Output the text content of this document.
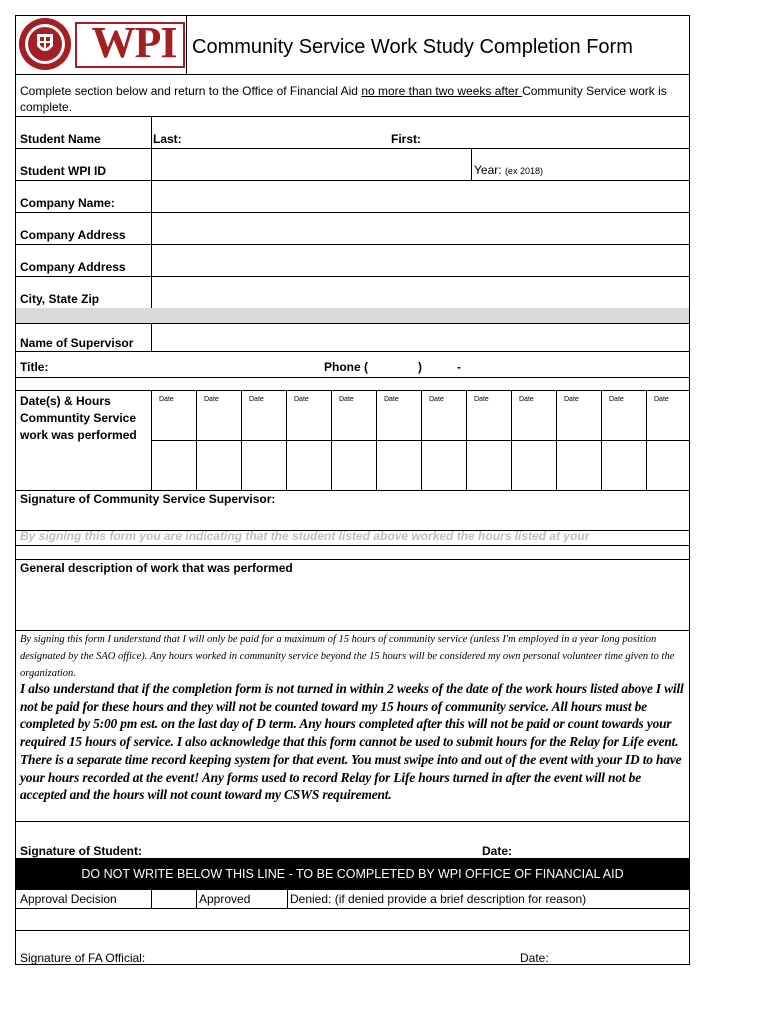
WPI Community Service Work Study Completion Form
Complete section below and return to the Office of Financial Aid no more than two weeks after Community Service work is complete.
Student Name	Last:	First:
Student WPI ID	Year: (ex 2018)
Company Name:
Company Address
Company Address
City, State Zip
Name of Supervisor
Title:	Phone (	)	-
Date(s) & Hours
Communtity Service
work was performed
Date	Date	Date	Date	Date	Date	Date	Date	Date	Date	Date	Date
Signature of Community Service Supervisor:
By signing this form you are indicating that the student listed above worked the hours listed at your
General description of work that was performed
By signing this form I understand that I will only be paid for a maximum of 15 hours of community service (unless I'm employed in a year long position designated by the SAO office). Any hours worked in community service beyond the 15 hours will be considered my own personal volunteer time given to the organization.
I also understand that if the completion form is not turned in within 2 weeks of the date of the work hours listed above I will not be paid for these hours and they will not be counted toward my 15 hours of community service. All hours must be completed by 5:00 pm est. on the last day of D term. Any hours completed after this will not be paid or count towards your required 15 hours of service. I also acknowledge that this form cannot be used to submit hours for the Relay for Life event. There is a separate time record keeping system for that event. You must swipe into and out of the event with your ID to have your hours recorded at the event! Any forms used to record Relay for Life hours turned in after the event will not be accepted and the hours will not count toward my CSWS requirement.
Signature of Student:	Date:
DO NOT WRITE BELOW THIS LINE - TO BE COMPLETED BY WPI OFFICE OF FINANCIAL AID
Approval Decision	Approved	Denied: (if denied provide a brief description for reason)
Signature of FA Official:	Date:
